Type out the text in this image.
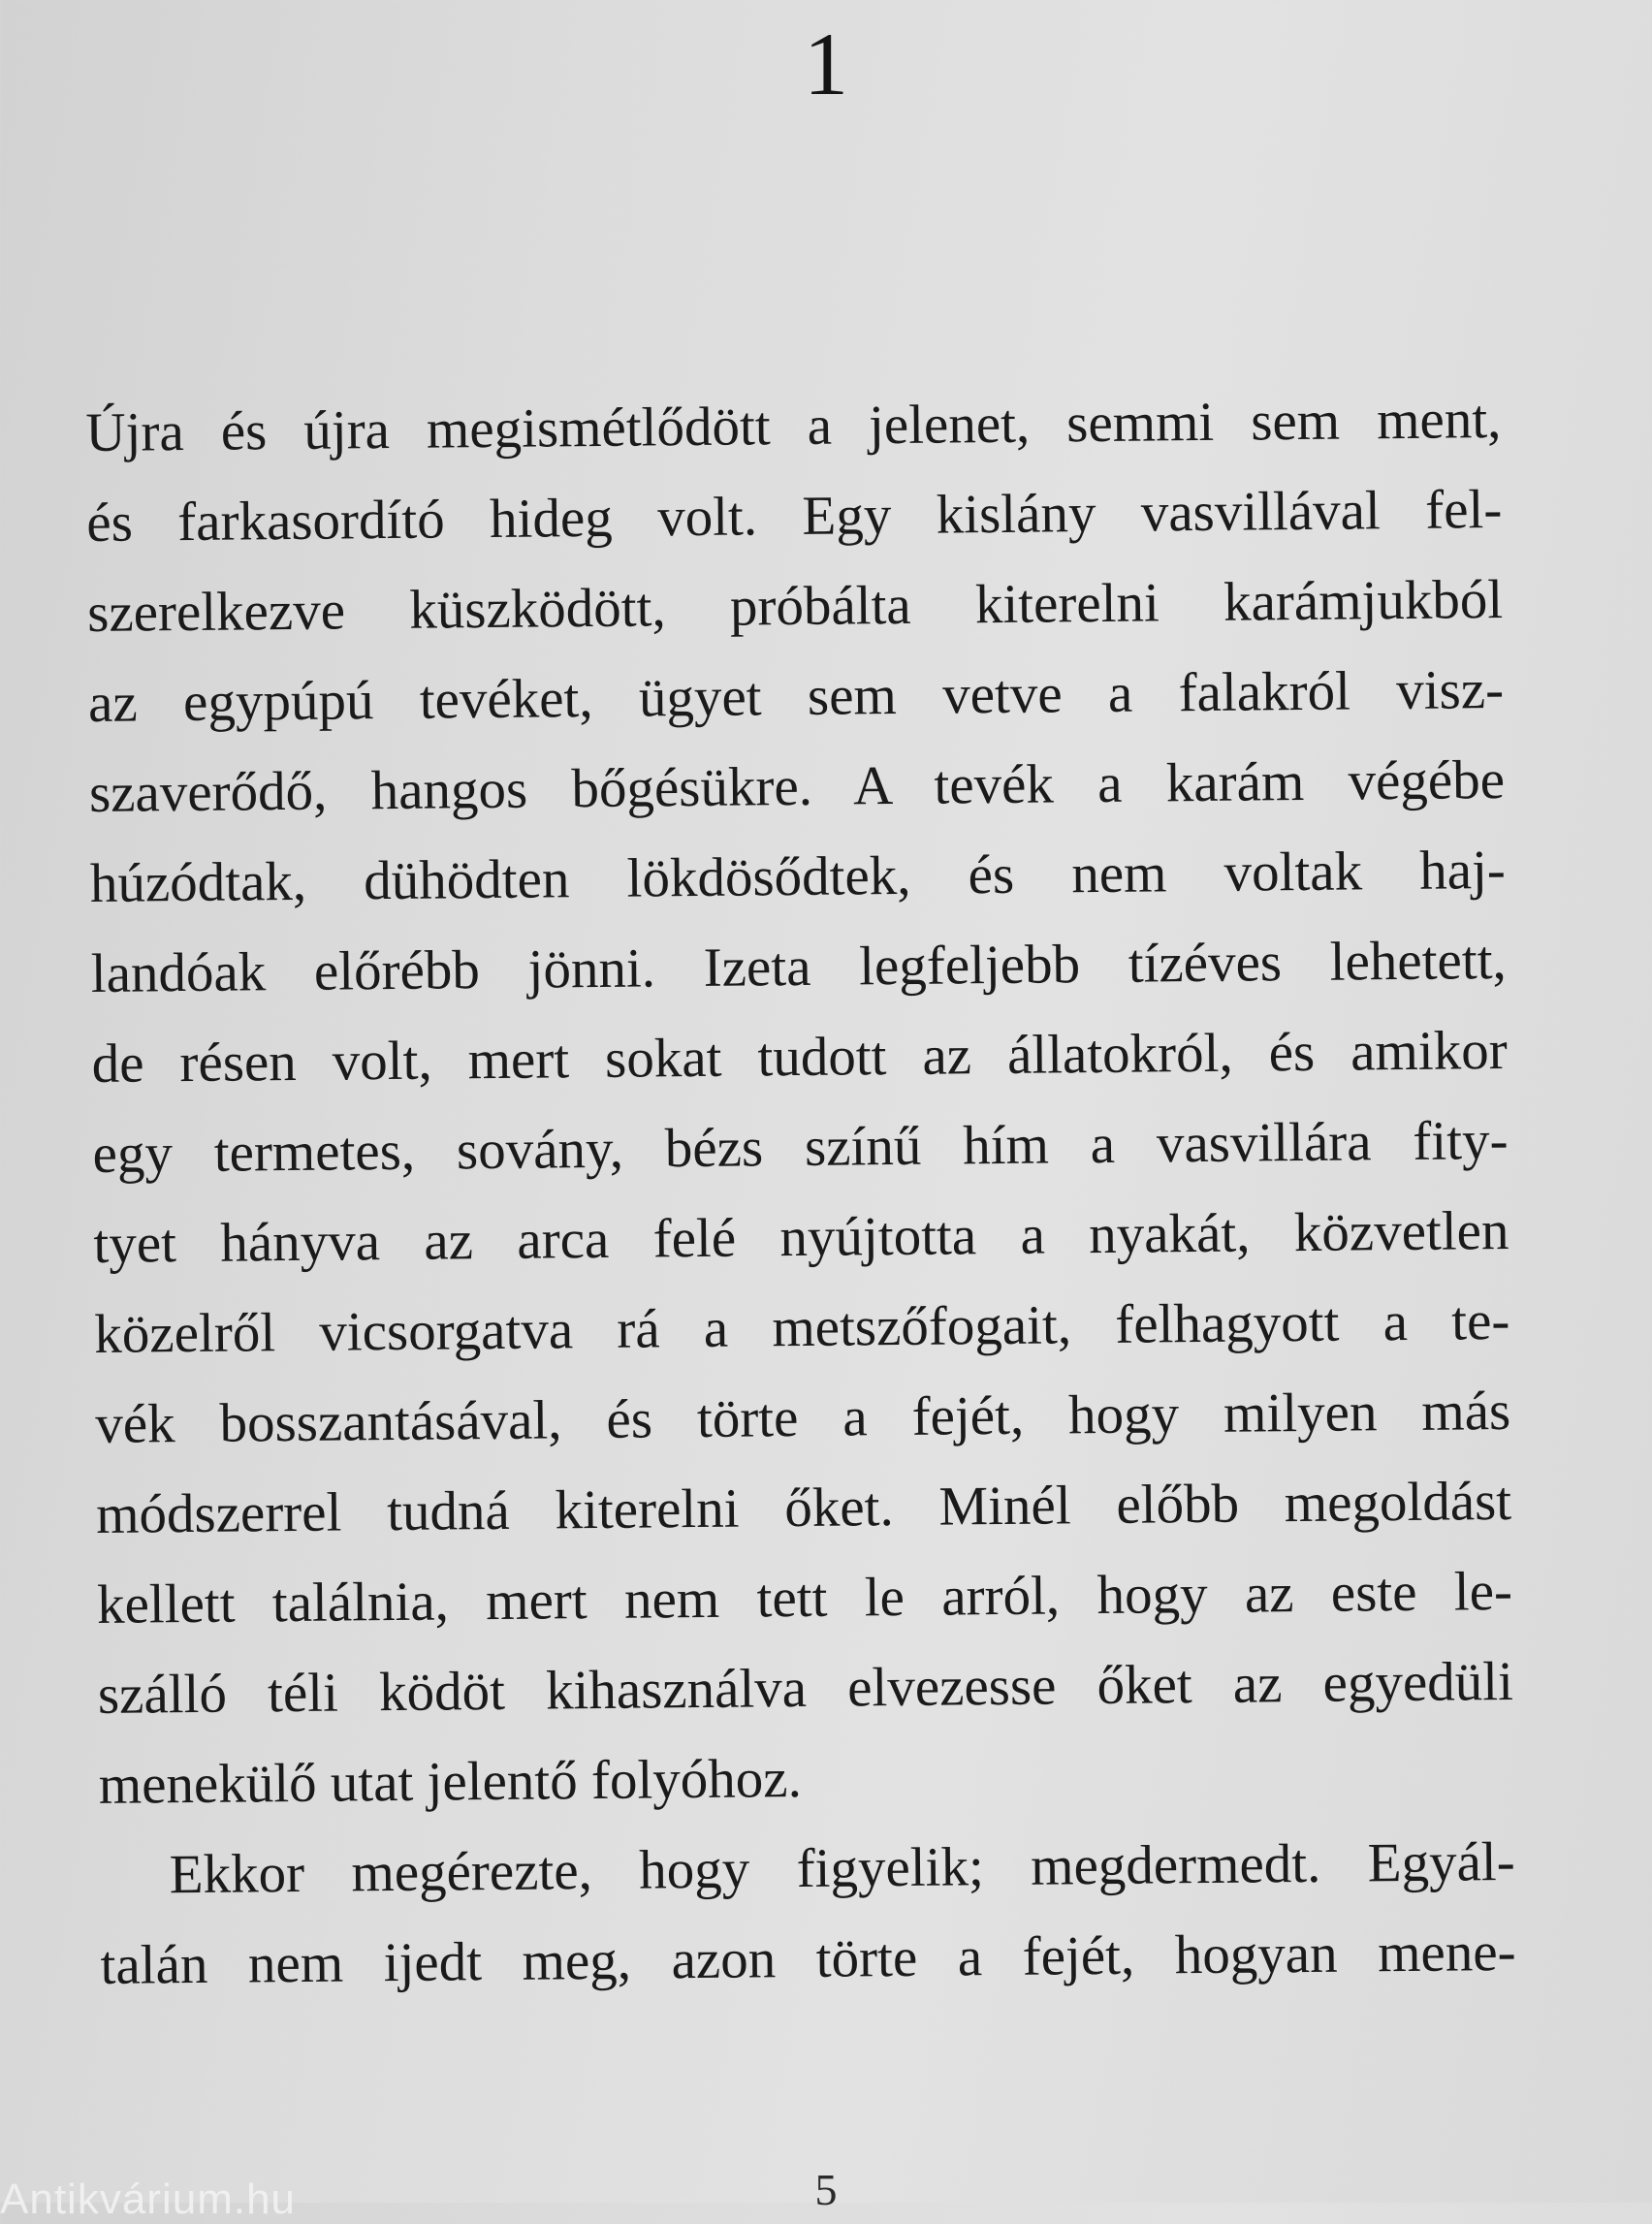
1
Újra és újra megismétlődött a jelenet, semmi sem ment,
és farkasordító hideg volt. Egy kislány vasvillával fel-
szerelkezve küszködött, próbálta kiterelni karámjukból
az egypúpú tevéket, ügyet sem vetve a falakról visz-
szaverődő, hangos bőgésükre. A tevék a karám végébe
húzódtak, dühödten lökdösődtek, és nem voltak haj-
landóak előrébb jönni. Izeta legfeljebb tízéves lehetett,
de résen volt, mert sokat tudott az állatokról, és amikor
egy termetes, sovány, bézs színű hím a vasvillára fity-
tyet hányva az arca felé nyújtotta a nyakát, közvetlen
közelről vicsorgatva rá a metszőfogait, felhagyott a te-
vék bosszantásával, és törte a fejét, hogy milyen más
módszerrel tudná kiterelni őket. Minél előbb megoldást
kellett találnia, mert nem tett le arról, hogy az este le-
szálló téli ködöt kihasználva elvezesse őket az egyedüli
menekülő utat jelentő folyóhoz.
Ekkor megérezte, hogy figyelik; megdermedt. Egyál-
talán nem ijedt meg, azon törte a fejét, hogyan mene-
5
Antikvárium.hu
